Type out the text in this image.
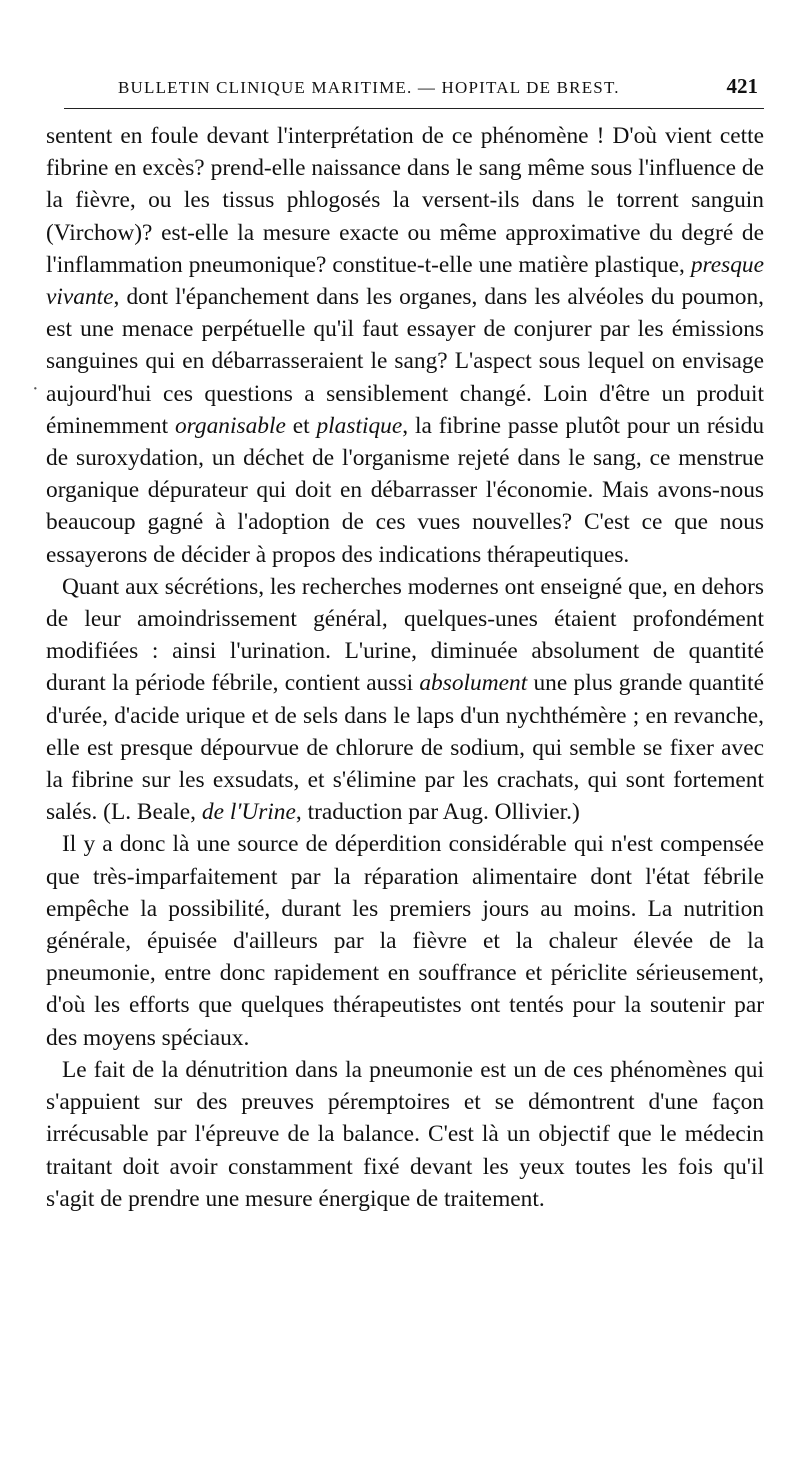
BULLETIN CLINIQUE MARITIME. — HOPITAL DE BREST.	421

sentent en foule devant l'interprétation de ce phénomène ! D'où vient cette fibrine en excès? prend-elle naissance dans le sang même sous l'influence de la fièvre, ou les tissus phlogosés la versent-ils dans le torrent sanguin (Virchow)? est-elle la mesure exacte ou même approximative du degré de l'inflammation pneumonique? constitue-t-elle une matière plastique, presque vivante, dont l'épanchement dans les organes, dans les alvéoles du poumon, est une menace perpétuelle qu'il faut essayer de conjurer par les émissions sanguines qui en débarrasseraient le sang? L'aspect sous lequel on envisage aujourd'hui ces questions a sensiblement changé. Loin d'être un produit éminemment organisable et plastique, la fibrine passe plutôt pour un résidu de suroxydation, un déchet de l'organisme rejeté dans le sang, ce menstrue organique dépurateur qui doit en débarrasser l'économie. Mais avons-nous beaucoup gagné à l'adoption de ces vues nouvelles? C'est ce que nous essayerons de décider à propos des indications thérapeutiques.

Quant aux sécrétions, les recherches modernes ont enseigné que, en dehors de leur amoindrissement général, quelques-unes étaient profondément modifiées : ainsi l'urination. L'urine, diminuée absolument de quantité durant la période fébrile, contient aussi absolument une plus grande quantité d'urée, d'acide urique et de sels dans le laps d'un nychthémère ; en revanche, elle est presque dépourvue de chlorure de sodium, qui semble se fixer avec la fibrine sur les exsudats, et s'élimine par les crachats, qui sont fortement salés. (L. Beale, de l'Urine, traduction par Aug. Ollivier.)

Il y a donc là une source de déperdition considérable qui n'est compensée que très-imparfaitement par la réparation alimentaire dont l'état fébrile empêche la possibilité, durant les premiers jours au moins. La nutrition générale, épuisée d'ailleurs par la fièvre et la chaleur élevée de la pneumonie, entre donc rapidement en souffrance et périclite sérieusement, d'où les efforts que quelques thérapeutistes ont tentés pour la soutenir par des moyens spéciaux.

Le fait de la dénutrition dans la pneumonie est un de ces phénomènes qui s'appuient sur des preuves péremptoires et se démontrent d'une façon irrécusable par l'épreuve de la balance. C'est là un objectif que le médecin traitant doit avoir constamment fixé devant les yeux toutes les fois qu'il s'agit de prendre une mesure énergique de traitement.

·
